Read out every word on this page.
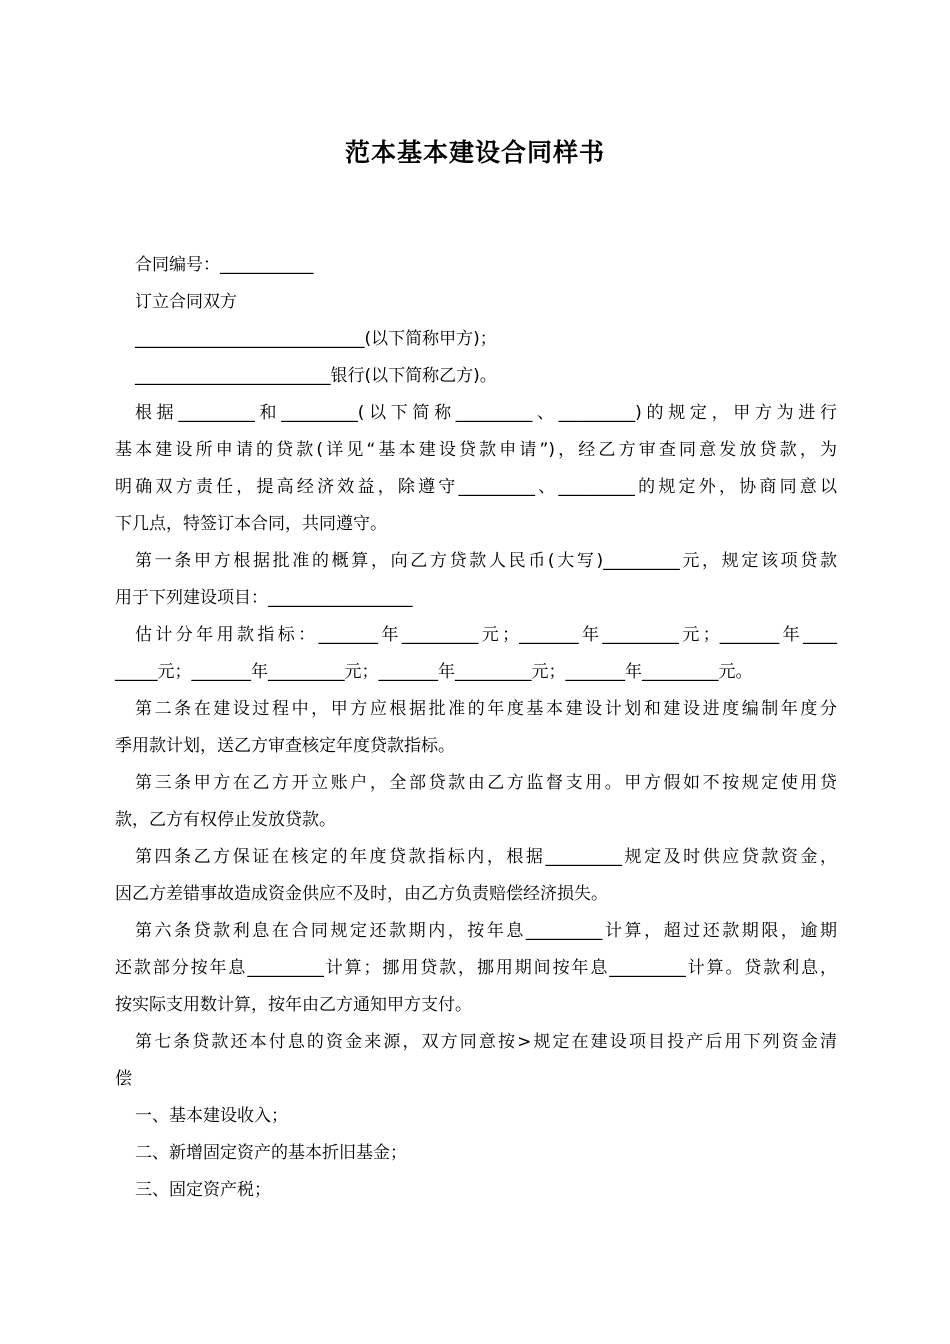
范本基本建设合同样书
合同编号：___________
订立合同双方
___________________________(以下简称甲方)；
_______________________银行(以下简称乙方)。
根据_________和_________(以下简称_________、_________)的规定，甲方为进行
基本建设所申请的贷款(详见“基本建设贷款申请”)，经乙方审查同意发放贷款，为
明确双方责任，提高经济效益，除遵守_________、_________的规定外，协商同意以
下几点，特签订本合同，共同遵守。
第一条甲方根据批准的概算，向乙方贷款人民币(大写)_________元，规定该项贷款
用于下列建设项目：_________________
估计分年用款指标：_______年_________元；_______年_________元；_______年____
_____元；_______年_________元；_______年_________元；_______年_________元。
第二条在建设过程中，甲方应根据批准的年度基本建设计划和建设进度编制年度分
季用款计划，送乙方审查核定年度贷款指标。
第三条甲方在乙方开立账户，全部贷款由乙方监督支用。甲方假如不按规定使用贷
款，乙方有权停止发放贷款。
第四条乙方保证在核定的年度贷款指标内，根据_________规定及时供应贷款资金，
因乙方差错事故造成资金供应不及时，由乙方负责赔偿经济损失。
第六条贷款利息在合同规定还款期内，按年息_________计算，超过还款期限，逾期
还款部分按年息_________计算；挪用贷款，挪用期间按年息_________计算。贷款利息，
按实际支用数计算，按年由乙方通知甲方支付。
第七条贷款还本付息的资金来源，双方同意按>规定在建设项目投产后用下列资金清
偿
一、基本建设收入；
二、新增固定资产的基本折旧基金；
三、固定资产税；
